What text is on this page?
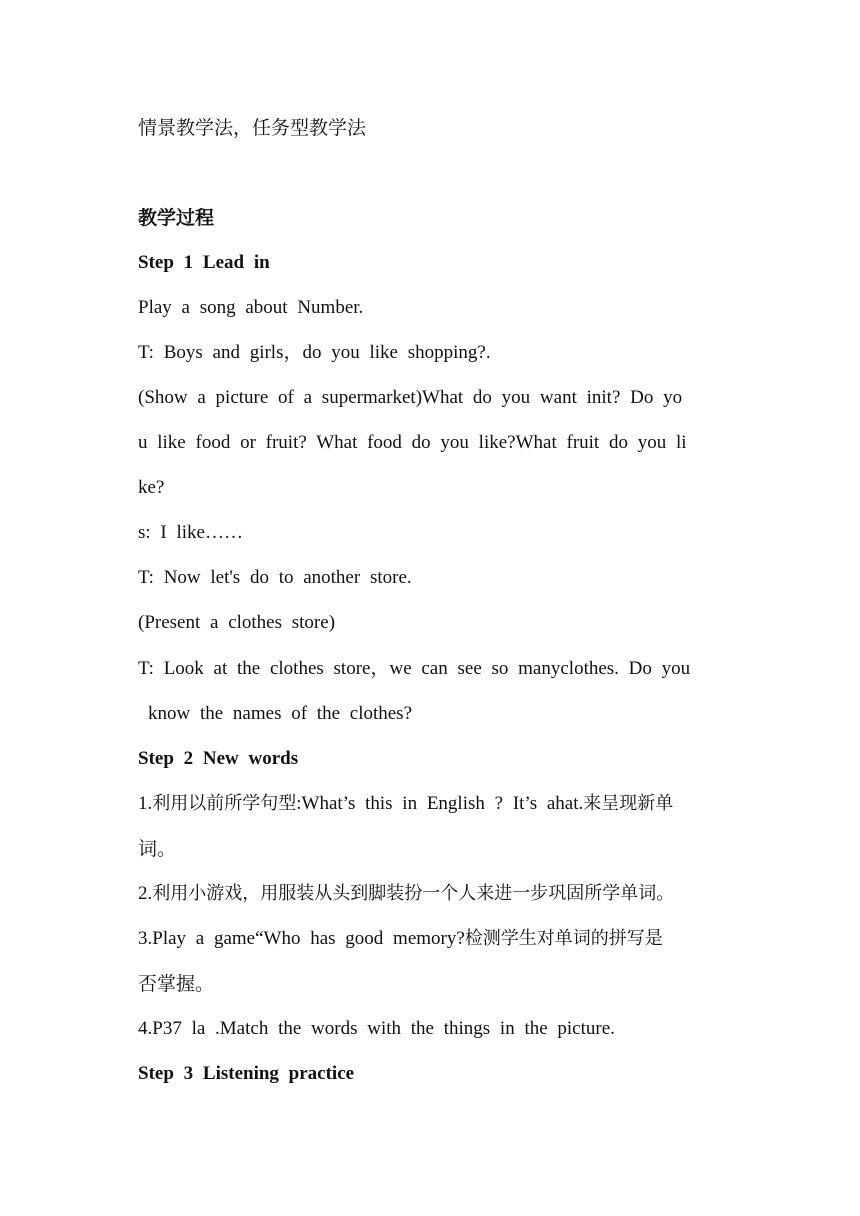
情景教学法，任务型教学法
教学过程
Step 1 Lead in
Play a song about Number.
T: Boys and girls，do you like shopping?.
(Show a picture of a supermarket)What do you want init? Do yo
u like food or fruit? What food do you like?What fruit do you li
ke?
s: I like……
T: Now let's do to another store.
(Present a clothes store)
T: Look at the clothes store，we can see so manyclothes. Do you
know the names of the clothes?
Step 2 New words
1.利用以前所学句型:What’s this in English ? It’s ahat.来呈现新单
词。
2.利用小游戏，用服装从头到脚装扮一个人来进一步巩固所学单词。
3.Play a game“Who has good memory?检测学生对单词的拼写是
否掌握。
4.P37 la .Match the words with the things in the picture.
Step 3 Listening practice
